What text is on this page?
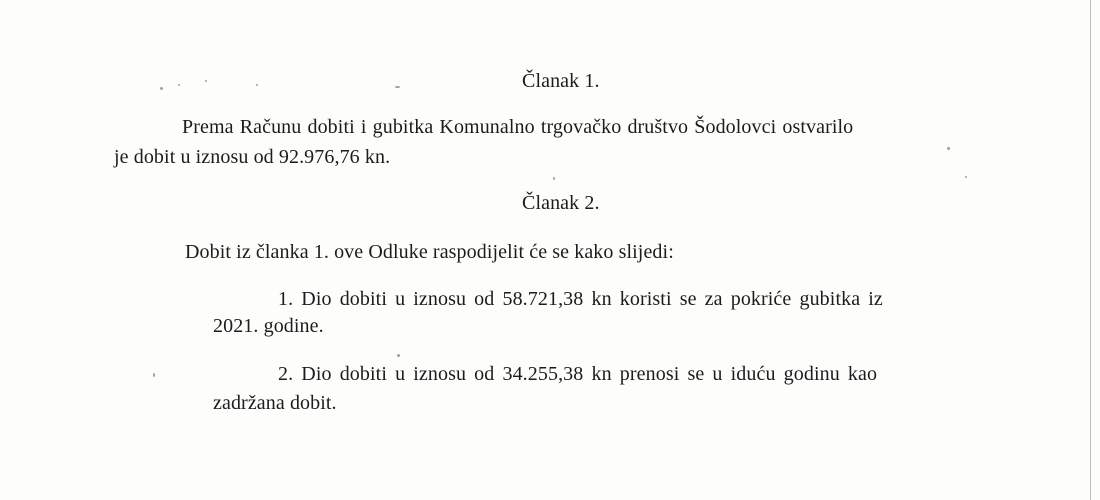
Članak 1.
Prema Računu dobiti i gubitka Komunalno trgovačko društvo Šodolovci ostvarilo
je dobit u iznosu od 92.976,76 kn.
Članak 2.
Dobit iz članka 1. ove Odluke raspodijelit će se kako slijedi:
1. Dio dobiti u iznosu od 58.721,38 kn koristi se za pokriće gubitka iz
2021. godine.
2. Dio dobiti u iznosu od 34.255,38 kn prenosi se u iduću godinu kao
zadržana dobit.
